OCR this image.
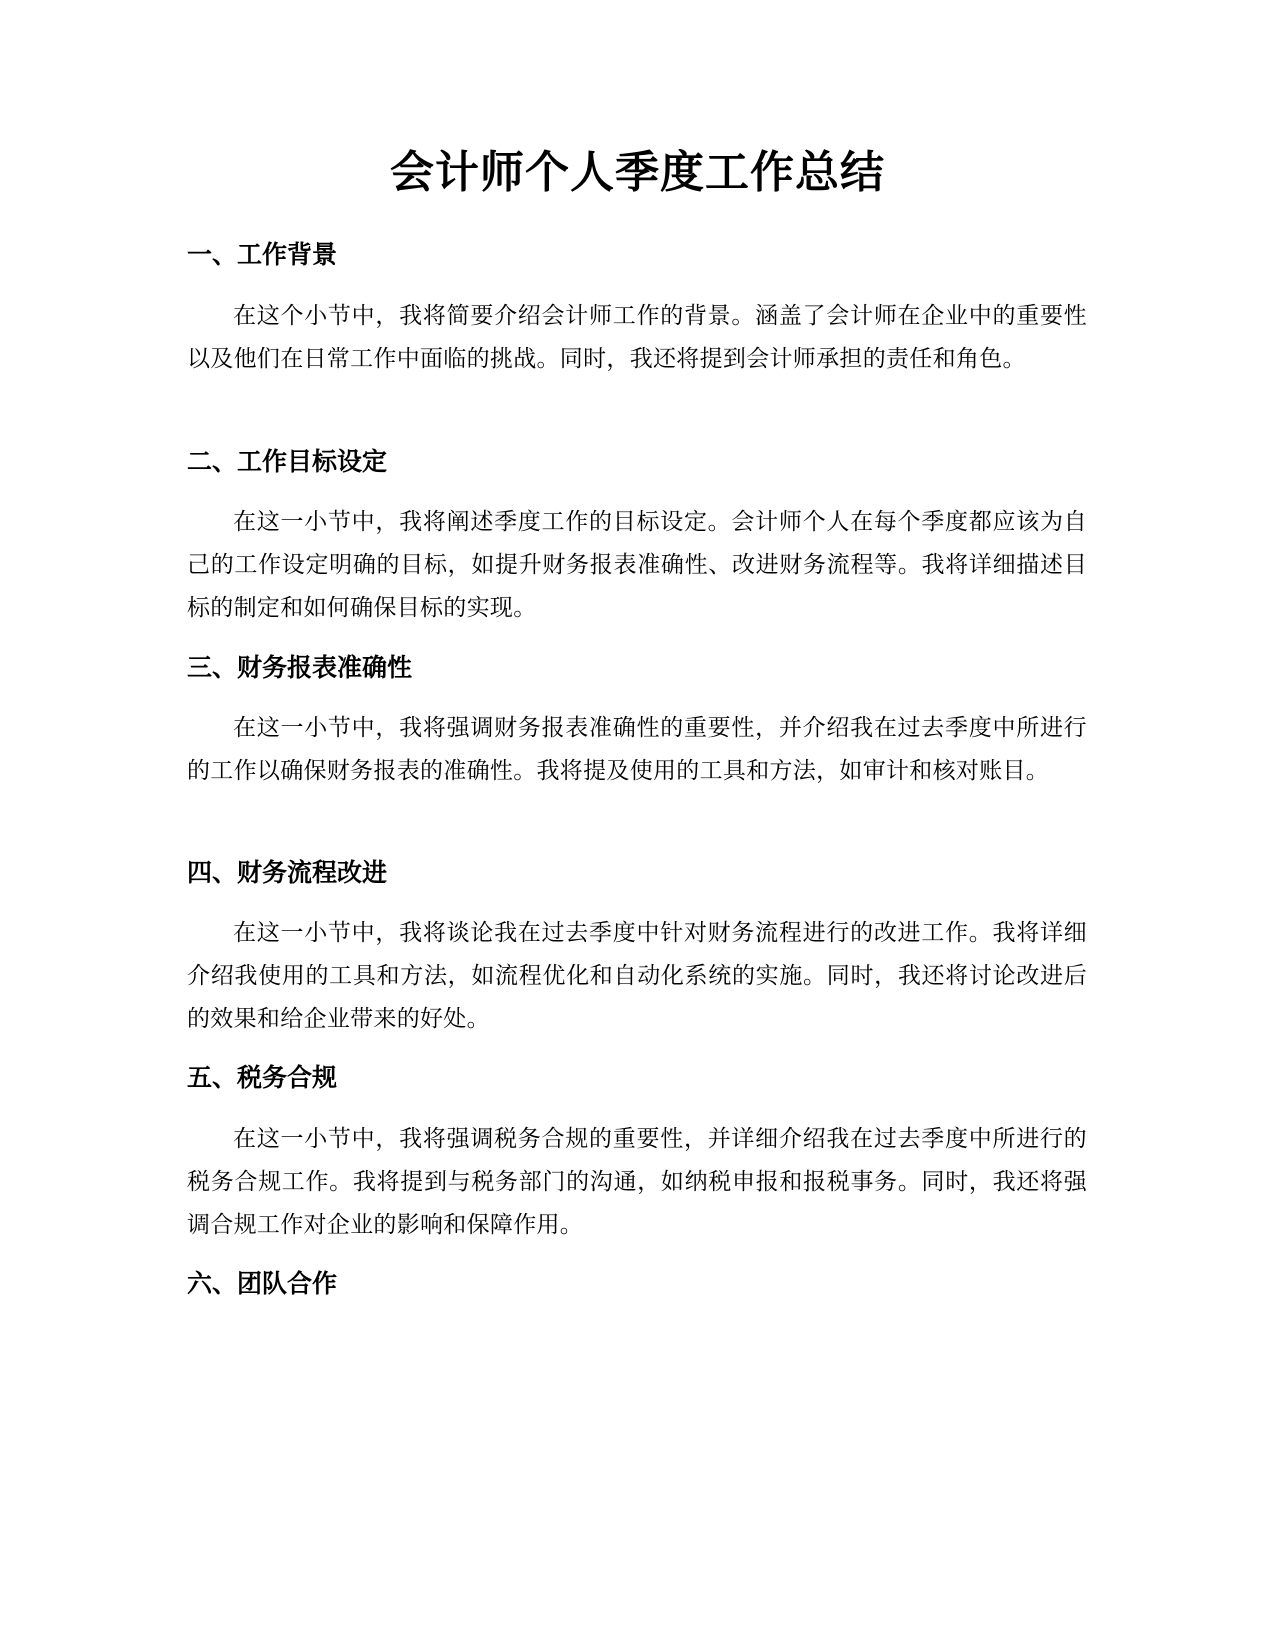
会计师个人季度工作总结
一、工作背景

在这个小节中，我将简要介绍会计师工作的背景。涵盖了会计师在企业中的重要性以及他们在日常工作中面临的挑战。同时，我还将提到会计师承担的责任和角色。

二、工作目标设定

在这一小节中，我将阐述季度工作的目标设定。会计师个人在每个季度都应该为自己的工作设定明确的目标，如提升财务报表准确性、改进财务流程等。我将详细描述目标的制定和如何确保目标的实现。

三、财务报表准确性

在这一小节中，我将强调财务报表准确性的重要性，并介绍我在过去季度中所进行的工作以确保财务报表的准确性。我将提及使用的工具和方法，如审计和核对账目。

四、财务流程改进

在这一小节中，我将谈论我在过去季度中针对财务流程进行的改进工作。我将详细介绍我使用的工具和方法，如流程优化和自动化系统的实施。同时，我还将讨论改进后的效果和给企业带来的好处。

五、税务合规

在这一小节中，我将强调税务合规的重要性，并详细介绍我在过去季度中所进行的税务合规工作。我将提到与税务部门的沟通，如纳税申报和报税事务。同时，我还将强调合规工作对企业的影响和保障作用。

六、团队合作
